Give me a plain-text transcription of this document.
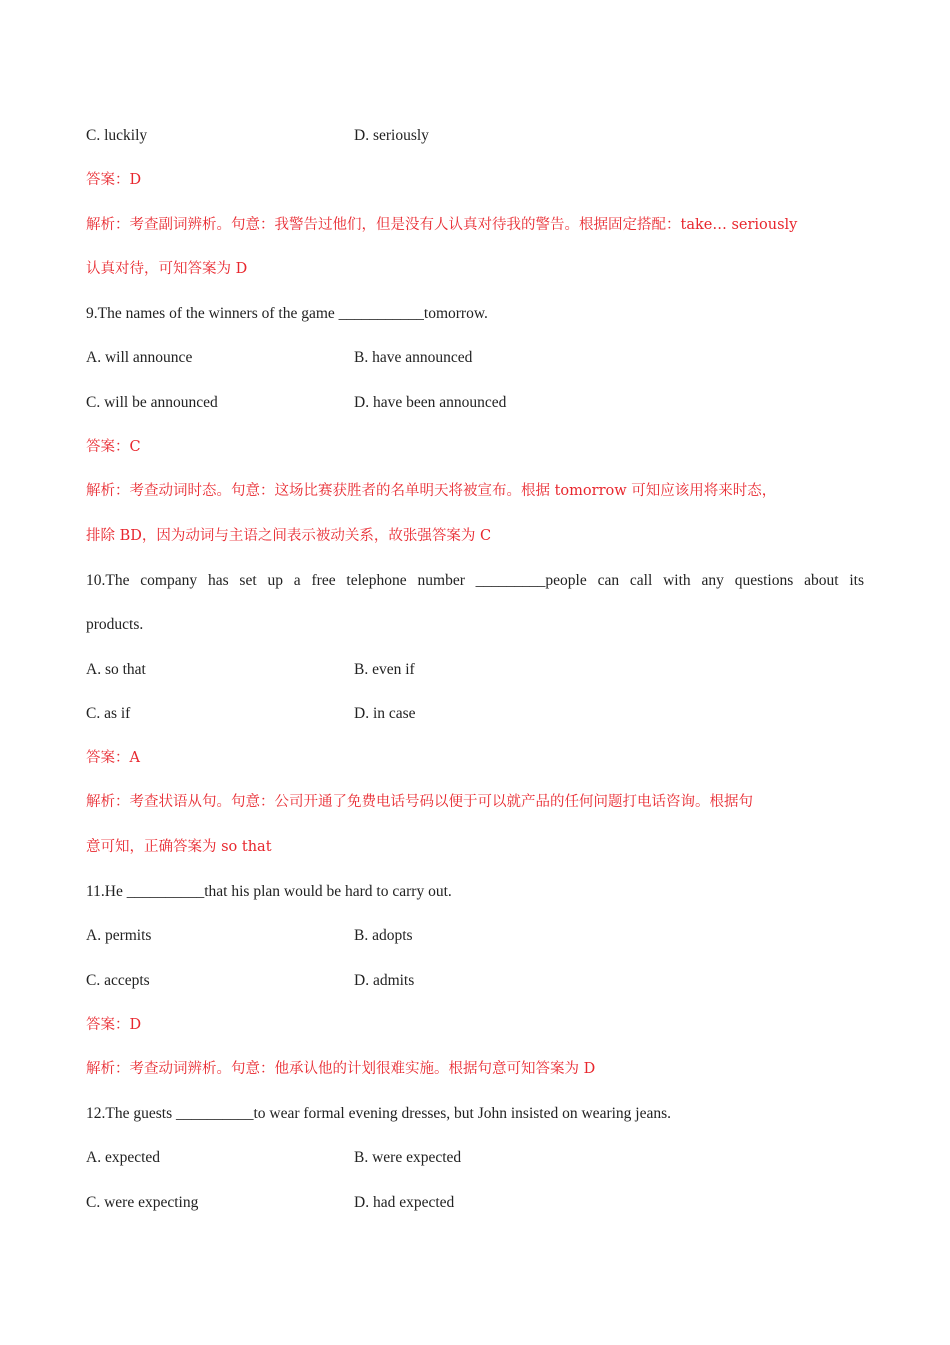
C. luckily	D. seriously
答案：D
解析：考查副词辨析。句意：我警告过他们，但是没有人认真对待我的警告。根据固定搭配：take… seriously
认真对待，可知答案为 D
9.The names of the winners of the game ___________tomorrow.
A. will announce	B. have announced
C. will be announced	D. have been announced
答案：C
解析：考查动词时态。句意：这场比赛获胜者的名单明天将被宣布。根据 tomorrow 可知应该用将来时态，
排除 BD，因为动词与主语之间表示被动关系，故张强答案为 C
10.The company has set up a free telephone number _________people can call with any questions about its
products.
A. so that	B. even if
C. as if	D. in case
答案：A
解析：考查状语从句。句意：公司开通了免费电话号码以便于可以就产品的任何问题打电话咨询。根据句
意可知，正确答案为 so that
11.He __________that his plan would be hard to carry out.
A. permits	B. adopts
C. accepts	D. admits
答案：D
解析：考查动词辨析。句意：他承认他的计划很难实施。根据句意可知答案为 D
12.The guests __________to wear formal evening dresses, but John insisted on wearing jeans.
A. expected	B. were expected
C. were expecting	D. had expected
